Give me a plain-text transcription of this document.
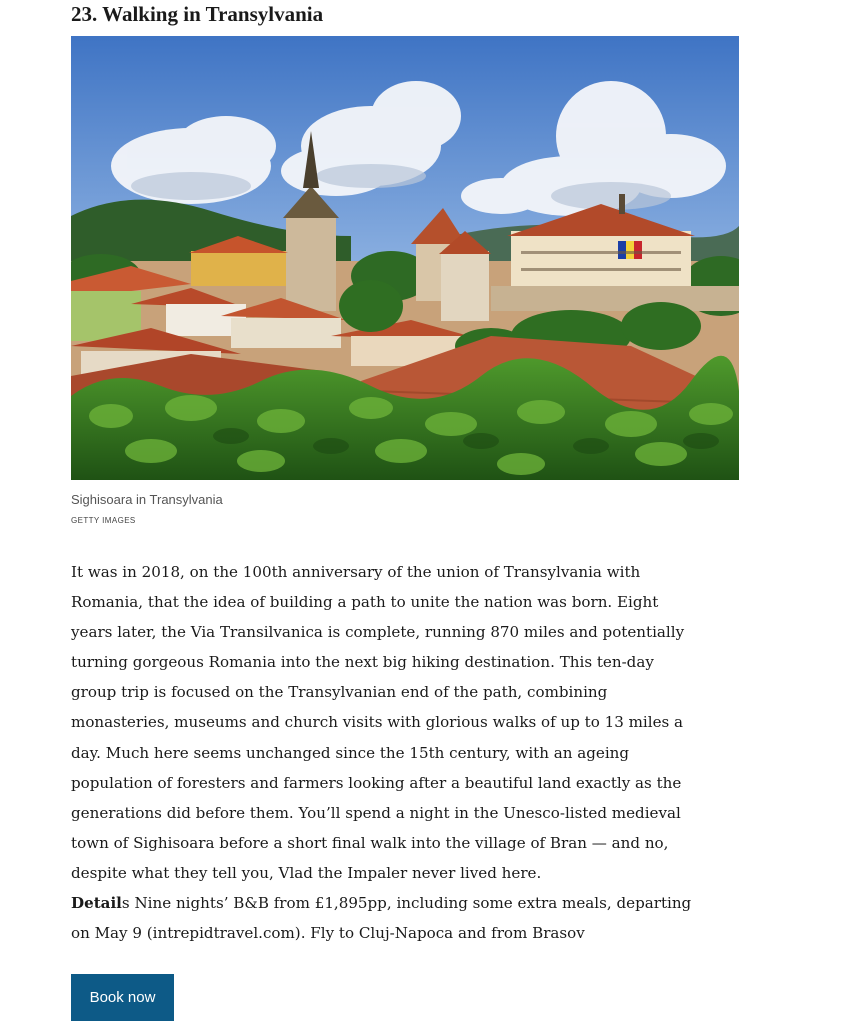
23. Walking in Transylvania
Sighisoara in Transylvania
GETTY IMAGES
It was in 2018, on the 100th anniversary of the union of Transylvania with
Romania, that the idea of building a path to unite the nation was born. Eight
years later, the Via Transilvanica is complete, running 870 miles and potentially
turning gorgeous Romania into the next big hiking destination. This ten-day
group trip is focused on the Transylvanian end of the path, combining
monasteries, museums and church visits with glorious walks of up to 13 miles a
day. Much here seems unchanged since the 15th century, with an ageing
population of foresters and farmers looking after a beautiful land exactly as the
generations did before them. You’ll spend a night in the Unesco-listed medieval
town of Sighisoara before a short final walk into the village of Bran — and no,
despite what they tell you, Vlad the Impaler never lived here.
Details Nine nights’ B&B from £1,895pp, including some extra meals, departing
on May 9 (intrepidtravel.com). Fly to Cluj-Napoca and from Brasov
Book now
